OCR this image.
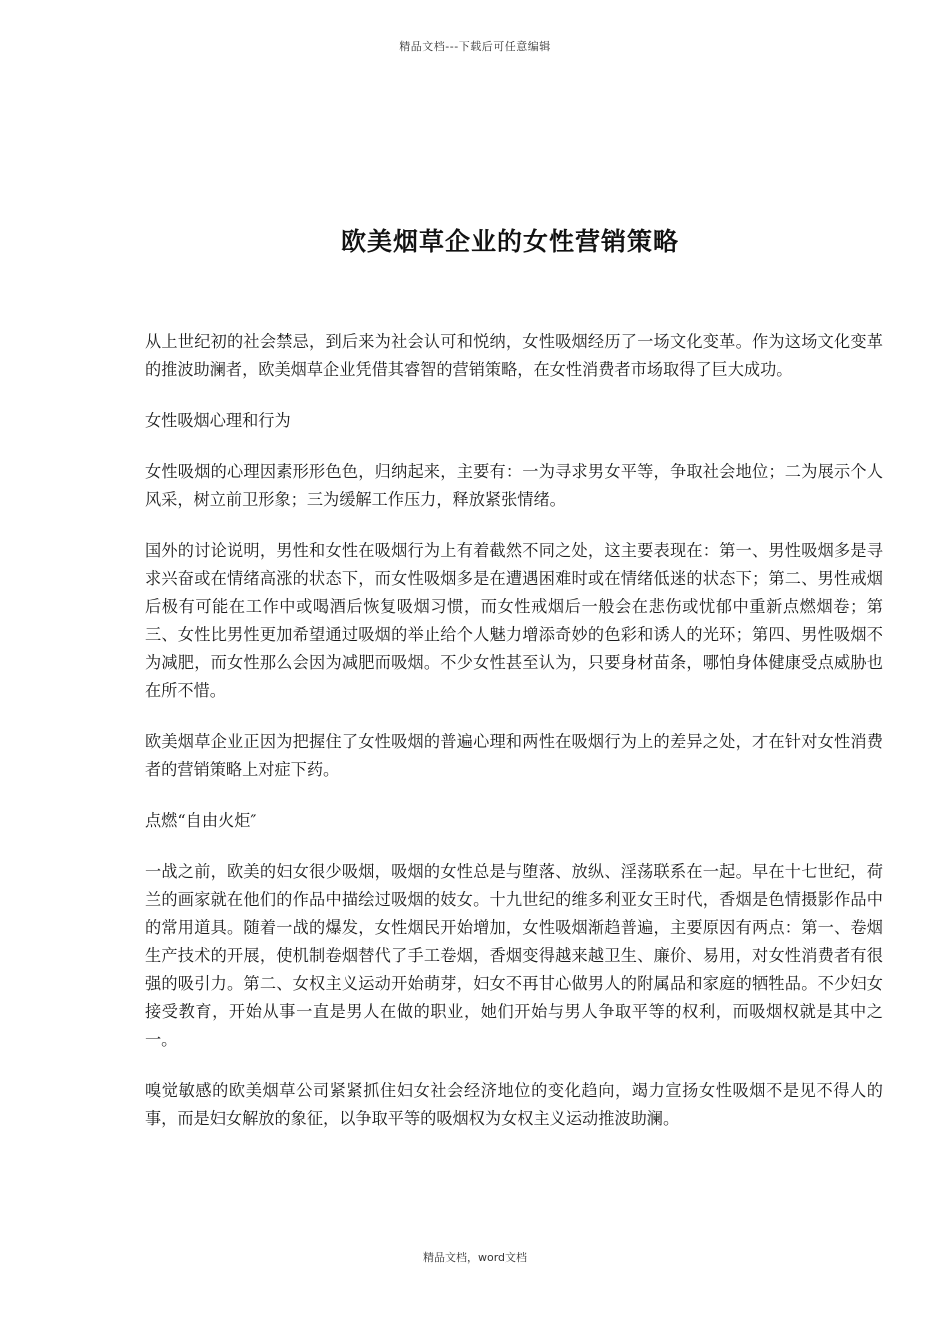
精品文档---下载后可任意编辑
欧美烟草企业的女性营销策略

从上世纪初的社会禁忌，到后来为社会认可和悦纳，女性吸烟经历了一场文化变革。作为这场文化变革的推波助澜者，欧美烟草企业凭借其睿智的营销策略，在女性消费者市场取得了巨大成功。

女性吸烟心理和行为

女性吸烟的心理因素形形色色，归纳起来，主要有：一为寻求男女平等，争取社会地位；二为展示个人风采，树立前卫形象；三为缓解工作压力，释放紧张情绪。

国外的讨论说明，男性和女性在吸烟行为上有着截然不同之处，这主要表现在：第一、男性吸烟多是寻求兴奋或在情绪高涨的状态下，而女性吸烟多是在遭遇困难时或在情绪低迷的状态下；第二、男性戒烟后极有可能在工作中或喝酒后恢复吸烟习惯，而女性戒烟后一般会在悲伤或忧郁中重新点燃烟卷；第三、女性比男性更加希望通过吸烟的举止给个人魅力增添奇妙的色彩和诱人的光环；第四、男性吸烟不为减肥，而女性那么会因为减肥而吸烟。不少女性甚至认为，只要身材苗条，哪怕身体健康受点威胁也在所不惜。

欧美烟草企业正因为把握住了女性吸烟的普遍心理和两性在吸烟行为上的差异之处，才在针对女性消费者的营销策略上对症下药。

点燃“自由火炬″

一战之前，欧美的妇女很少吸烟，吸烟的女性总是与堕落、放纵、淫荡联系在一起。早在十七世纪，荷兰的画家就在他们的作品中描绘过吸烟的妓女。十九世纪的维多利亚女王时代，香烟是色情摄影作品中的常用道具。随着一战的爆发，女性烟民开始增加，女性吸烟渐趋普遍，主要原因有两点：第一、卷烟生产技术的开展，使机制卷烟替代了手工卷烟，香烟变得越来越卫生、廉价、易用，对女性消费者有很强的吸引力。第二、女权主义运动开始萌芽，妇女不再甘心做男人的附属品和家庭的牺牲品。不少妇女接受教育，开始从事一直是男人在做的职业，她们开始与男人争取平等的权利，而吸烟权就是其中之一。

嗅觉敏感的欧美烟草公司紧紧抓住妇女社会经济地位的变化趋向，竭力宣扬女性吸烟不是见不得人的事，而是妇女解放的象征，以争取平等的吸烟权为女权主义运动推波助澜。

精品文档，word文档
